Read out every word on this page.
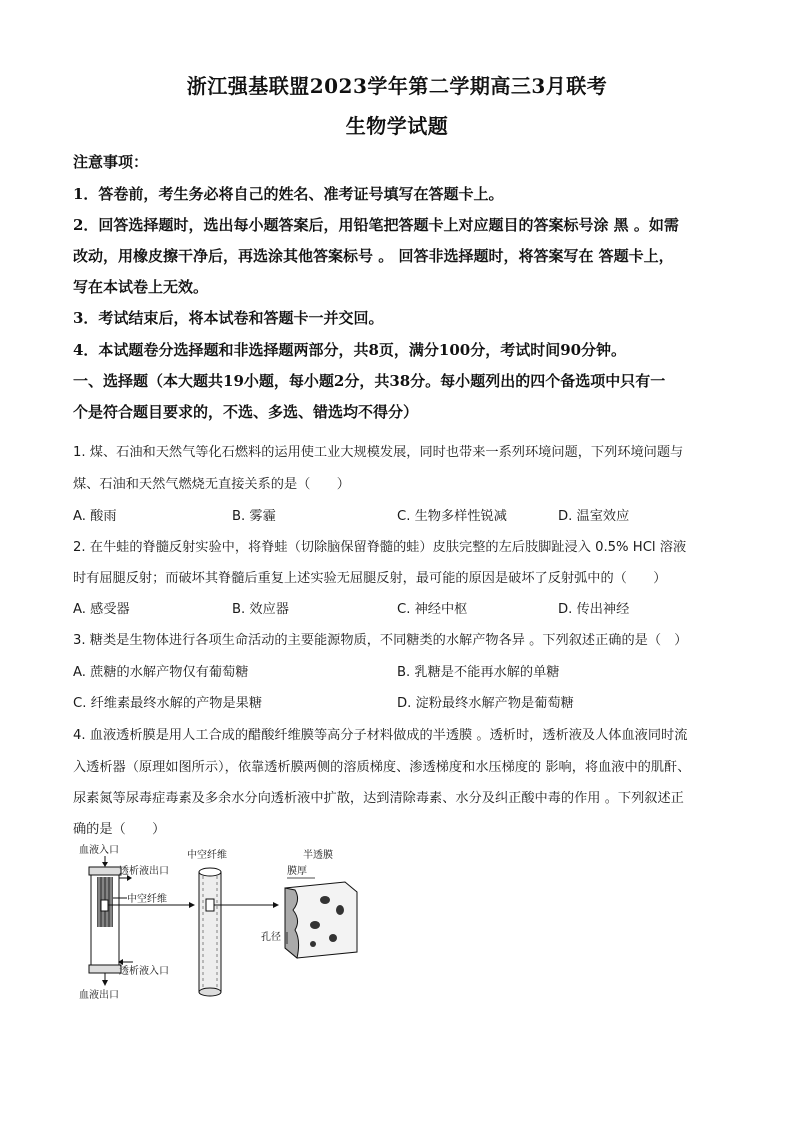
浙江强基联盟2023学年第二学期高三3月联考
生物学试题
注意事项：
1．答卷前，考生务必将自己的姓名、准考证号填写在答题卡上。
2．回答选择题时，选出每小题答案后，用铅笔把答题卡上对应题目的答案标号涂 黑 。如需
改动，用橡皮擦干净后，再选涂其他答案标号 。 回答非选择题时，将答案写在 答题卡上，
写在本试卷上无效。
3．考试结束后，将本试卷和答题卡一并交回。
4．本试题卷分选择题和非选择题两部分，共8页，满分100分，考试时间90分钟。
一、选择题（本大题共19小题，每小题2分，共38分。每小题列出的四个备选项中只有一
个是符合题目要求的，不选、多选、错选均不得分）
1. 煤、石油和天然气等化石燃料的运用使工业大规模发展，同时也带来一系列环境问题，下列环境问题与
煤、石油和天然气燃烧无直接关系的是（　　）
A. 酸雨	B. 雾霾	C. 生物多样性锐减	D. 温室效应
2. 在牛蛙的脊髓反射实验中，将脊蛙（切除脑保留脊髓的蛙）皮肤完整的左后肢脚趾浸入 0.5% HCl 溶液
时有屈腿反射；而破坏其脊髓后重复上述实验无屈腿反射，最可能的原因是破坏了反射弧中的（　　）
A. 感受器	B. 效应器	C. 神经中枢	D. 传出神经
3. 糖类是生物体进行各项生命活动的主要能源物质，不同糖类的水解产物各异 。下列叙述正确的是（　）
A. 蔗糖的水解产物仅有葡萄糖	B. 乳糖是不能再水解的单糖
C. 纤维素最终水解的产物是果糖	D. 淀粉最终水解产物是葡萄糖
4. 血液透析膜是用人工合成的醋酸纤维膜等高分子材料做成的半透膜 。透析时，透析液及人体血液同时流
入透析器（原理如图所示），依靠透析膜两侧的溶质梯度、渗透梯度和水压梯度的 影响，将血液中的肌酐、
尿素氮等尿毒症毒素及多余水分向透析液中扩散，达到清除毒素、水分及纠正酸中毒的作用 。下列叙述正
确的是（　　）
血液入口
血液出口
透析液出口
中空纤维
透析液入口
中空纤维	半透膜
膜厚
孔径
